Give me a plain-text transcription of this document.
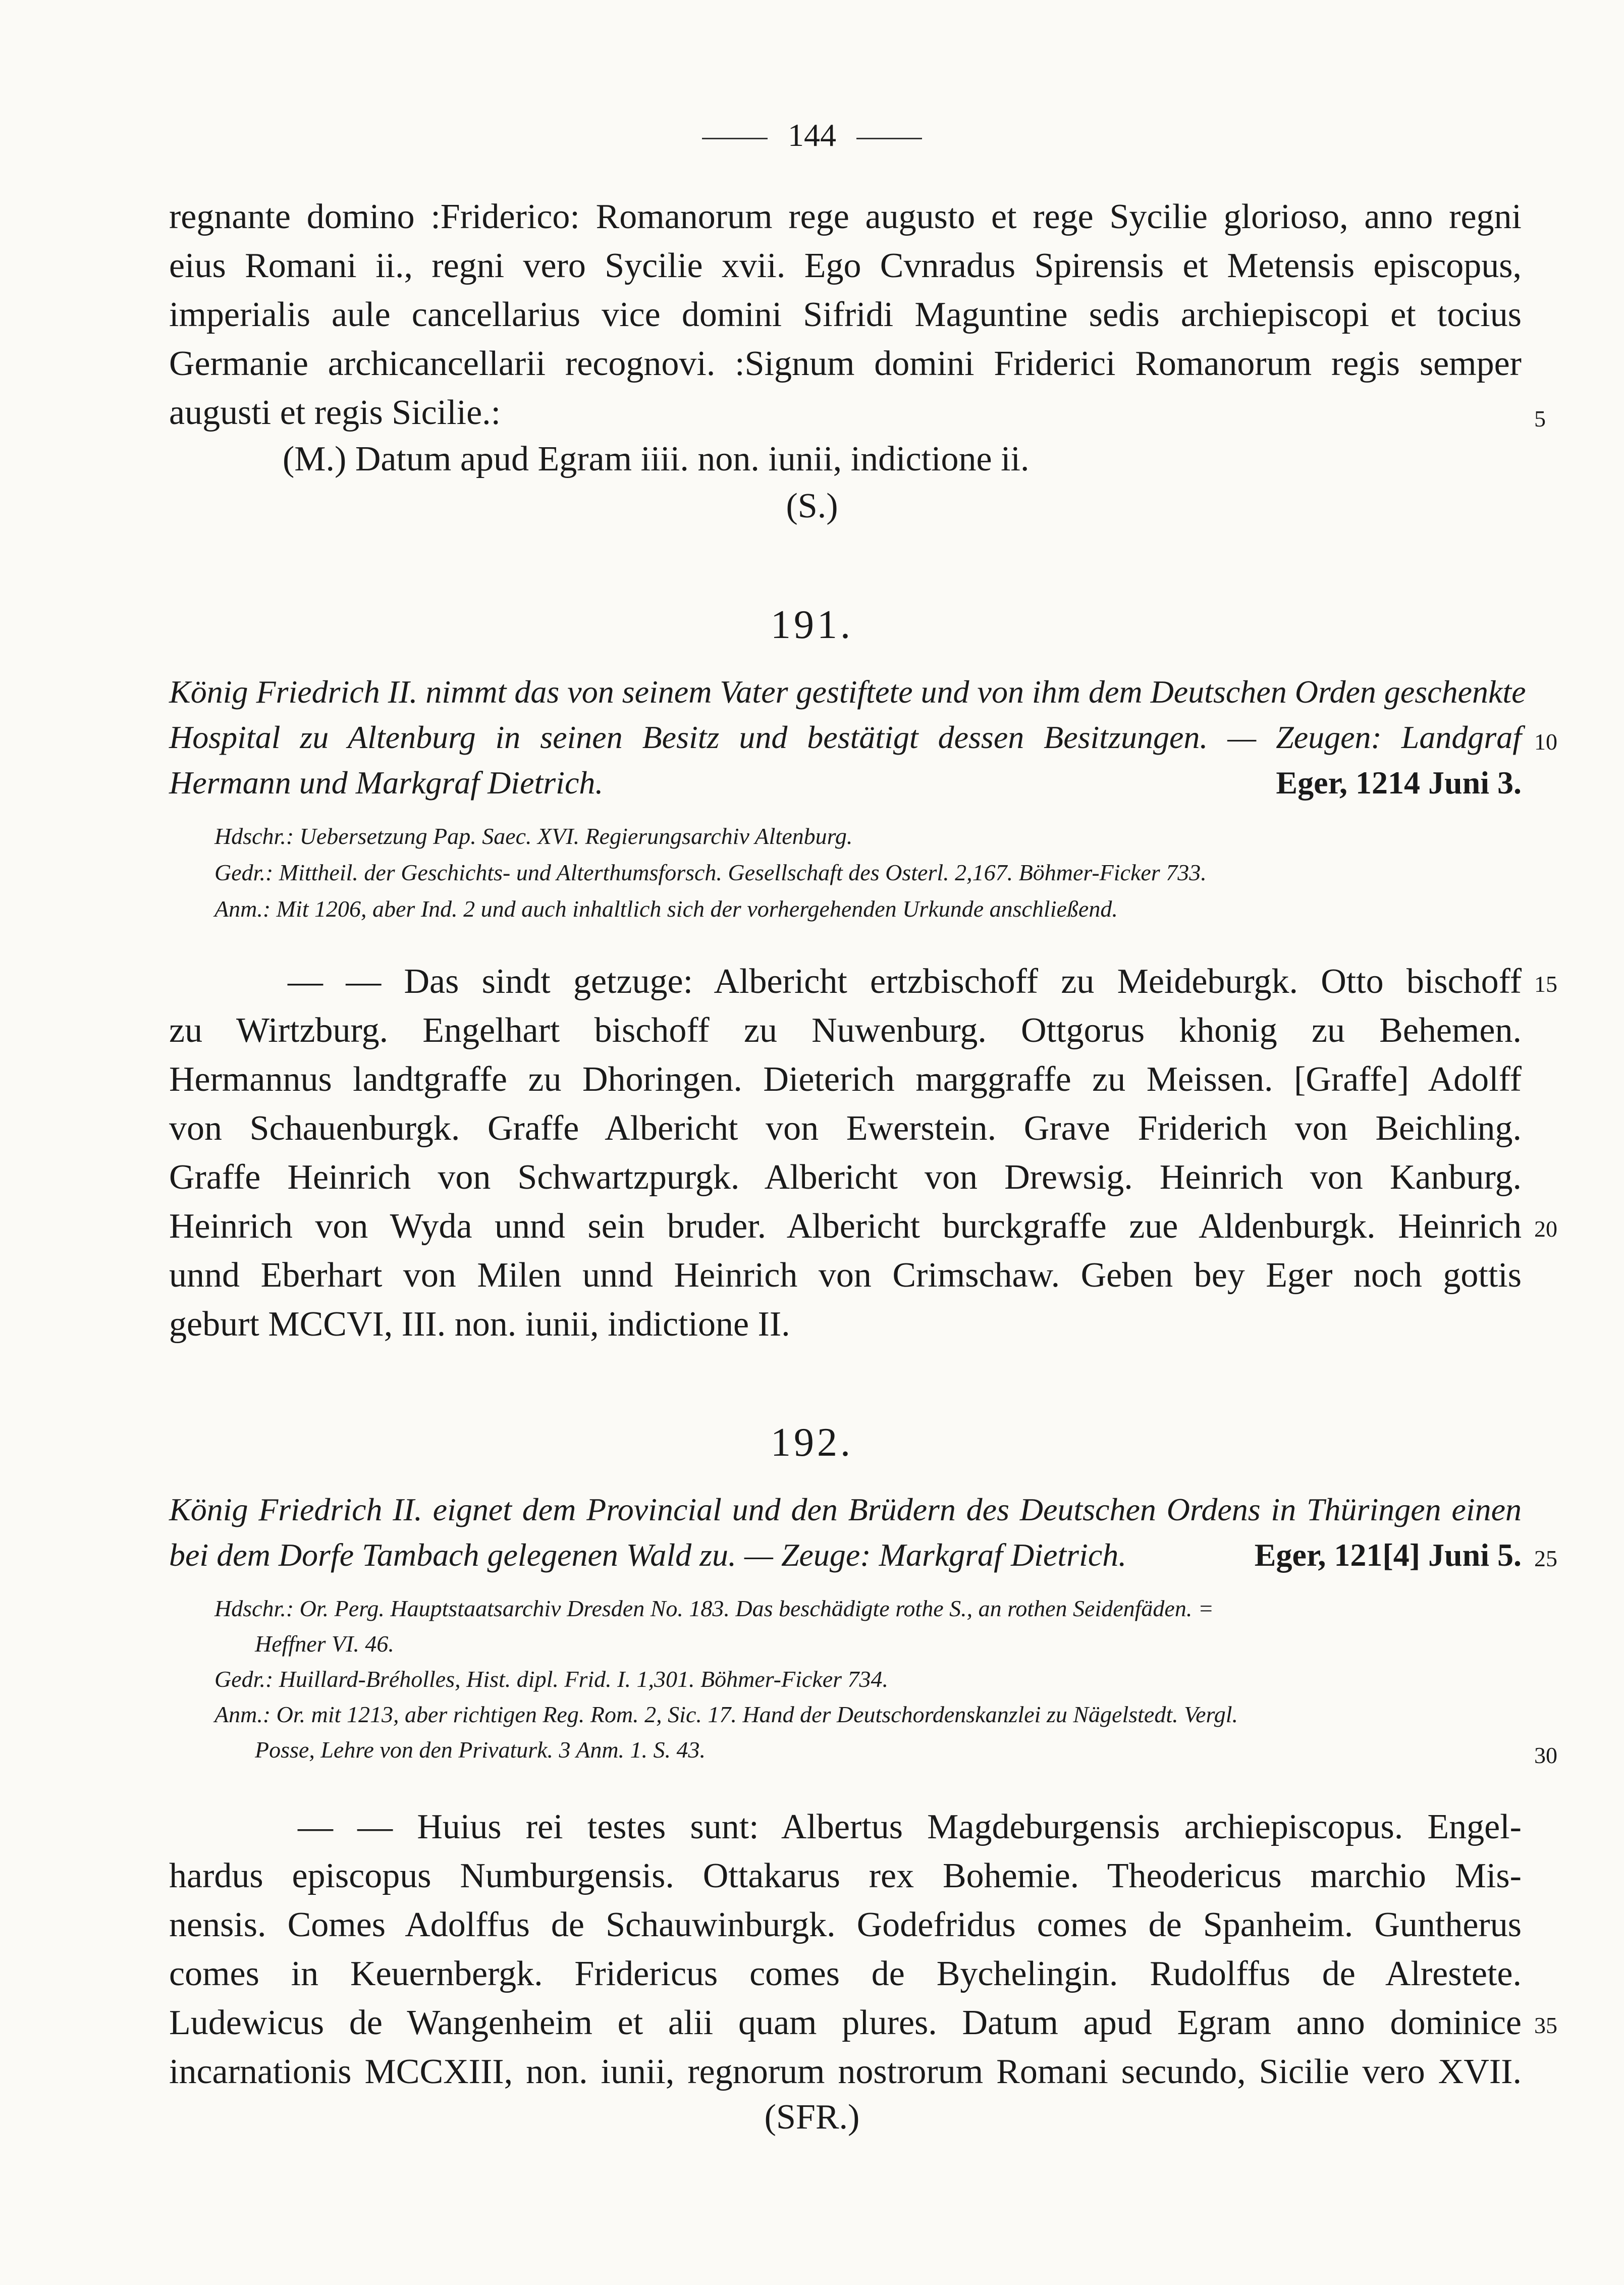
144
regnante domino :Friderico: Romanorum rege augusto et rege Sycilie glorioso, anno regni
eius Romani ii., regni vero Sycilie xvii. Ego Cvnradus Spirensis et Metensis episcopus,
imperialis aule cancellarius vice domini Sifridi Maguntine sedis archiepiscopi et tocius
Germanie archicancellarii recognovi. :Signum domini Friderici Romanorum regis semper
augusti et regis Sicilie.:
(M.) Datum apud Egram iiii. non. iunii, indictione ii.
(S.)
191.
König Friedrich II. nimmt das von seinem Vater gestiftete und von ihm dem Deutschen Orden geschenkte
Hospital zu Altenburg in seinen Besitz und bestätigt dessen Besitzungen. — Zeugen: Landgraf
Hermann und Markgraf Dietrich.	Eger, 1214 Juni 3.
Hdschr.: Uebersetzung Pap. Saec. XVI. Regierungsarchiv Altenburg.
Gedr.: Mittheil. der Geschichts- und Alterthumsforsch. Gesellschaft des Osterl. 2,167. Böhmer-Ficker 733.
Anm.: Mit 1206, aber Ind. 2 und auch inhaltlich sich der vorhergehenden Urkunde anschließend.
— — Das sindt getzuge: Albericht ertzbischoff zu Meideburgk. Otto bischoff
zu Wirtzburg. Engelhart bischoff zu Nuwenburg. Ottgorus khonig zu Behemen.
Hermannus landtgraffe zu Dhoringen. Dieterich marggraffe zu Meissen. [Graffe] Adolff
von Schauenburgk. Graffe Albericht von Ewerstein. Grave Friderich von Beichling.
Graffe Heinrich von Schwartzpurgk. Albericht von Drewsig. Heinrich von Kanburg.
Heinrich von Wyda unnd sein bruder. Albericht burckgraffe zue Aldenburgk. Heinrich
unnd Eberhart von Milen unnd Heinrich von Crimschaw. Geben bey Eger noch gottis
geburt MCCVI, III. non. iunii, indictione II.
192.
König Friedrich II. eignet dem Provincial und den Brüdern des Deutschen Ordens in Thüringen einen
bei dem Dorfe Tambach gelegenen Wald zu. — Zeuge: Markgraf Dietrich.	Eger, 121[4] Juni 5.
Hdschr.: Or. Perg. Hauptstaatsarchiv Dresden No. 183. Das beschädigte rothe S., an rothen Seidenfäden. =
Heffner VI. 46.
Gedr.: Huillard-Bréholles, Hist. dipl. Frid. I. 1,301. Böhmer-Ficker 734.
Anm.: Or. mit 1213, aber richtigen Reg. Rom. 2, Sic. 17. Hand der Deutschordenskanzlei zu Nägelstedt. Vergl.
Posse, Lehre von den Privaturk. 3 Anm. 1. S. 43.
— — Huius rei testes sunt: Albertus Magdeburgensis archiepiscopus. Engel-
hardus episcopus Numburgensis. Ottakarus rex Bohemie. Theodericus marchio Mis-
nensis. Comes Adolffus de Schauwinburgk. Godefridus comes de Spanheim. Guntherus
comes in Keuernbergk. Fridericus comes de Bychelingin. Rudolffus de Alrestete.
Ludewicus de Wangenheim et alii quam plures. Datum apud Egram anno dominice
incarnationis MCCXIII, non. iunii, regnorum nostrorum Romani secundo, Sicilie vero XVII.
(SFR.)
5
10
15
20
25
30
35
